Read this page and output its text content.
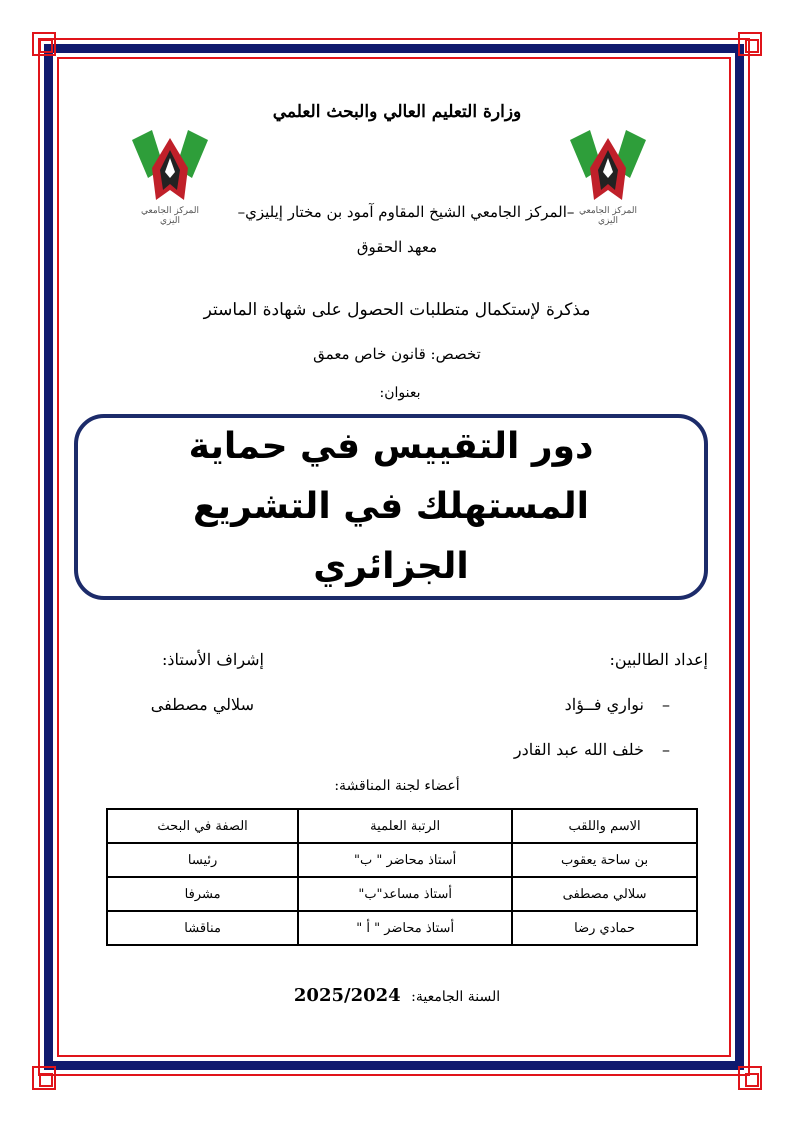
وزارة التعليم العالي والبحث العلمي
المركز الجامعي اليزي
المركز الجامعي اليزي
–المركز الجامعي الشيخ المقاوم آمود بن مختار إيليزي–
معهد الحقوق
مذكرة لإستكمال متطلبات الحصول على شهادة الماستر
تخصص: قانون خاص معمق
بعنوان:
دور التقييس في حماية المستهلك في التشريع الجزائري
إعداد الطالبين:
إشراف الأستاذ:
–نواري فــؤاد
–خلف الله عبد القادر
سلالي مصطفى
أعضاء لجنة المناقشة:
الاسم واللقب	الرتبة العلمية	الصفة في البحث
بن ساحة يعقوب	أستاذ محاضر " ب"	رئيسا
سلالي مصطفى	أستاذ مساعد"ب"	مشرفا
حمادي رضا	أستاذ محاضر " أ "	مناقشا
السنة الجامعية: 2025/2024
